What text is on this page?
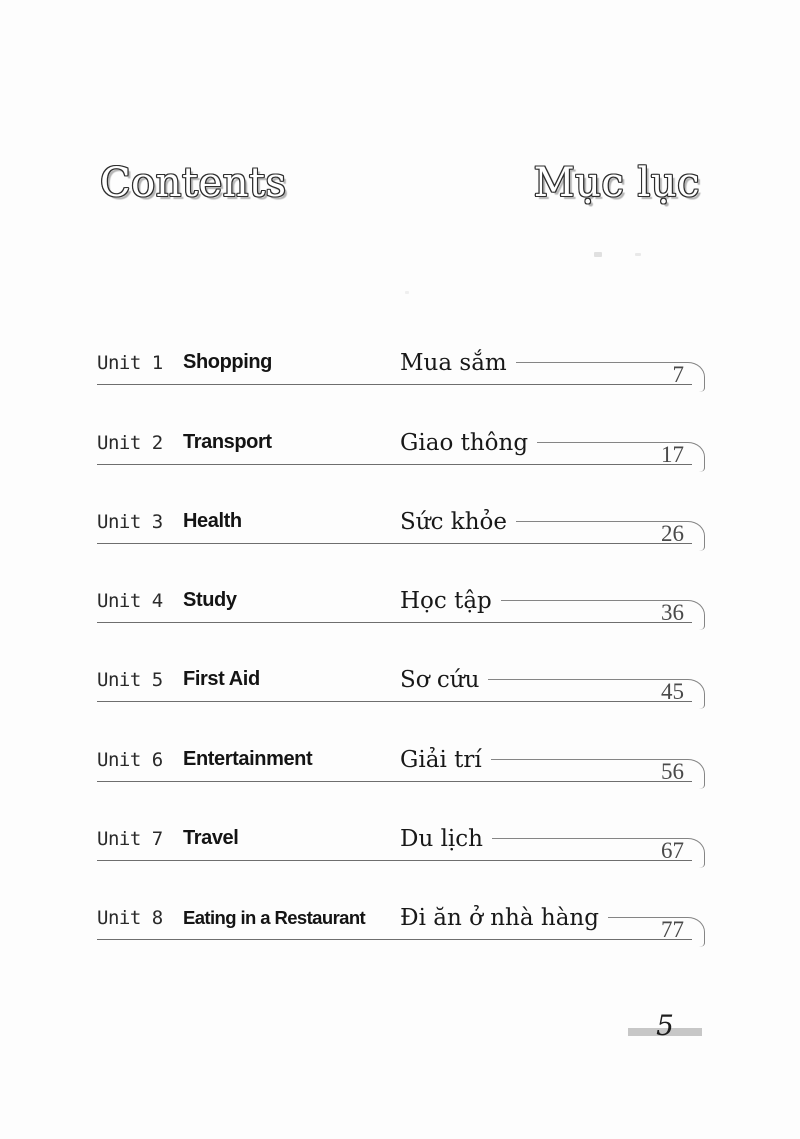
Contents	Mục lục
Unit 1	Shopping	Mua sắm	7
Unit 2	Transport	Giao thông	17
Unit 3	Health	Sức khỏe	26
Unit 4	Study	Học tập	36
Unit 5	First Aid	Sơ cứu	45
Unit 6	Entertainment	Giải trí	56
Unit 7	Travel	Du lịch	67
Unit 8	Eating in a Restaurant	Đi ăn ở nhà hàng	77
5
